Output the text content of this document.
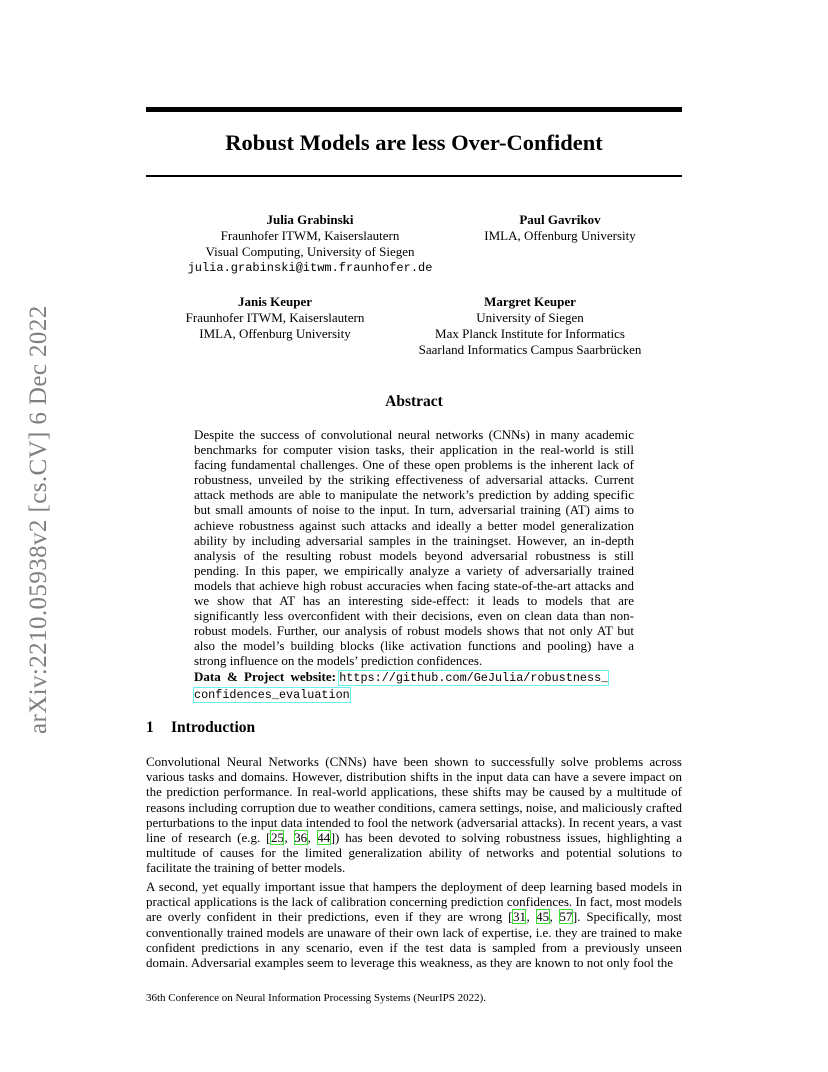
arXiv:2210.05938v2 [cs.CV] 6 Dec 2022
Robust Models are less Over-Confident
Julia Grabinski
Fraunhofer ITWM, Kaiserslautern
Visual Computing, University of Siegen
julia.grabinski@itwm.fraunhofer.de
Paul Gavrikov
IMLA, Offenburg University
Janis Keuper
Fraunhofer ITWM, Kaiserslautern
IMLA, Offenburg University
Margret Keuper
University of Siegen
Max Planck Institute for Informatics
Saarland Informatics Campus Saarbrücken
Abstract

Despite the success of convolutional neural networks (CNNs) in many academic benchmarks for computer vision tasks, their application in the real-world is still facing fundamental challenges. One of these open problems is the inherent lack of robustness, unveiled by the striking effectiveness of adversarial attacks. Current attack methods are able to manipulate the network’s prediction by adding specific but small amounts of noise to the input. In turn, adversarial training (AT) aims to achieve robustness against such attacks and ideally a better model generalization ability by including adversarial samples in the trainingset. However, an in-depth analysis of the resulting robust models beyond adversarial robustness is still pending. In this paper, we empirically analyze a variety of adversarially trained models that achieve high robust accuracies when facing state-of-the-art attacks and we show that AT has an interesting side-effect: it leads to models that are significantly less overconfident with their decisions, even on clean data than non-robust models. Further, our analysis of robust models shows that not only AT but also the model’s building blocks (like activation functions and pooling) have a strong influence on the models’ prediction confidences.

Data & Project website: https://github.com/GeJulia/robustness_
confidences_evaluation
1 Introduction

Convolutional Neural Networks (CNNs) have been shown to successfully solve problems across various tasks and domains. However, distribution shifts in the input data can have a severe impact on the prediction performance. In real-world applications, these shifts may be caused by a multitude of reasons including corruption due to weather conditions, camera settings, noise, and maliciously crafted perturbations to the input data intended to fool the network (adversarial attacks). In recent years, a vast line of research (e.g. [25, 36, 44]) has been devoted to solving robustness issues, highlighting a multitude of causes for the limited generalization ability of networks and potential solutions to facilitate the training of better models.

A second, yet equally important issue that hampers the deployment of deep learning based models in practical applications is the lack of calibration concerning prediction confidences. In fact, most models are overly confident in their predictions, even if they are wrong [31, 45, 57]. Specifically, most conventionally trained models are unaware of their own lack of expertise, i.e. they are trained to make confident predictions in any scenario, even if the test data is sampled from a previously unseen domain. Adversarial examples seem to leverage this weakness, as they are known to not only fool the

36th Conference on Neural Information Processing Systems (NeurIPS 2022).
